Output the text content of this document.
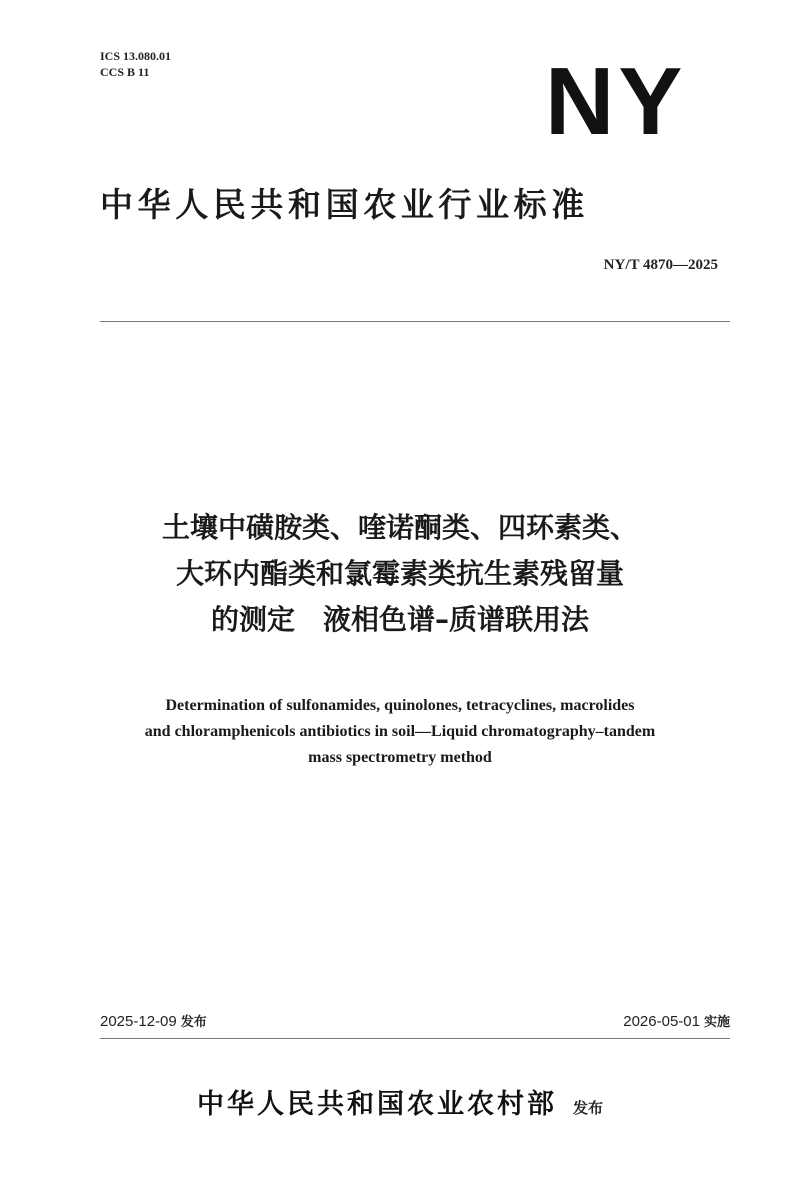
ICS 13.080.01
CCS B 11	NY
中华人民共和国农业行业标准
NY/T 4870—2025
土壤中磺胺类、喹诺酮类、四环素类、
大环内酯类和氯霉素类抗生素残留量
的测定　液相色谱–质谱联用法
Determination of sulfonamides, quinolones, tetracyclines, macrolides
and chloramphenicols antibiotics in soil—Liquid chromatography–tandem
mass spectrometry method
2025-12-09 发布	2026-05-01 实施
中华人民共和国农业农村部 发布
